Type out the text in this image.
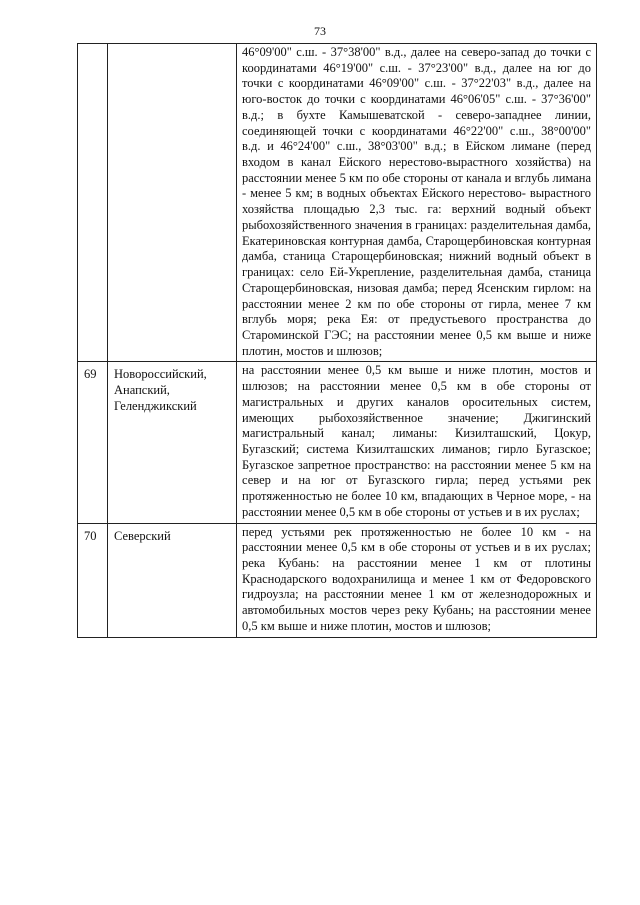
73

		46°09'00" с.ш. - 37°38'00" в.д., далее на северо-запад до точки с координатами 46°19'00" с.ш. - 37°23'00" в.д., далее на юг до точки с координатами 46°09'00" с.ш. - 37°22'03" в.д., далее на юго-восток до точки с координатами 46°06'05" с.ш. - 37°36'00" в.д.; в бухте Камышеватской - северо-западнее линии, соединяющей точки с координатами 46°22'00" с.ш., 38°00'00" в.д. и 46°24'00" с.ш., 38°03'00" в.д.; в Ейском лимане (перед входом в канал Ейского нерестово-вырастного хозяйства) на расстоянии менее 5 км по обе стороны от канала и вглубь лимана - менее 5 км; в водных объектах Ейского нерестово- вырастного хозяйства площадью 2,3 тыс. га: верхний водный объект рыбохозяйственного значения в границах: разделительная дамба, Екатериновская контурная дамба, Старощербиновская контурная дамба, станица Старощербиновская; нижний водный объект в границах: село Ей-Укрепление, разделительная дамба, станица Старощербиновская, низовая дамба; перед Ясенским гирлом: на расстоянии менее 2 км по обе стороны от гирла, менее 7 км вглубь моря; река Ея: от предустьевого пространства до Староминской ГЭС; на расстоянии менее 0,5 км выше и ниже плотин, мостов и шлюзов;

69	Новороссийский, Анапский, Геленджикский	на расстоянии менее 0,5 км выше и ниже плотин, мостов и шлюзов; на расстоянии менее 0,5 км в обе стороны от магистральных и других каналов оросительных систем, имеющих рыбохозяйственное значение; Джигинский магистральный канал; лиманы: Кизилташский, Цокур, Бугазский; система Кизилташских лиманов; гирло Бугазское; Бугазское запретное пространство: на расстоянии менее 5 км на север и на юг от Бугазского гирла; перед устьями рек протяженностью не более 10 км, впадающих в Черное море, - на расстоянии менее 0,5 км в обе стороны от устьев и в их руслах;

70	Северский	перед устьями рек протяженностью не более 10 км - на расстоянии менее 0,5 км в обе стороны от устьев и в их руслах; река Кубань: на расстоянии менее 1 км от плотины Краснодарского водохранилища и менее 1 км от Федоровского гидроузла; на расстоянии менее 1 км от железнодорожных и автомобильных мостов через реку Кубань; на расстоянии менее 0,5 км выше и ниже плотин, мостов и шлюзов;
